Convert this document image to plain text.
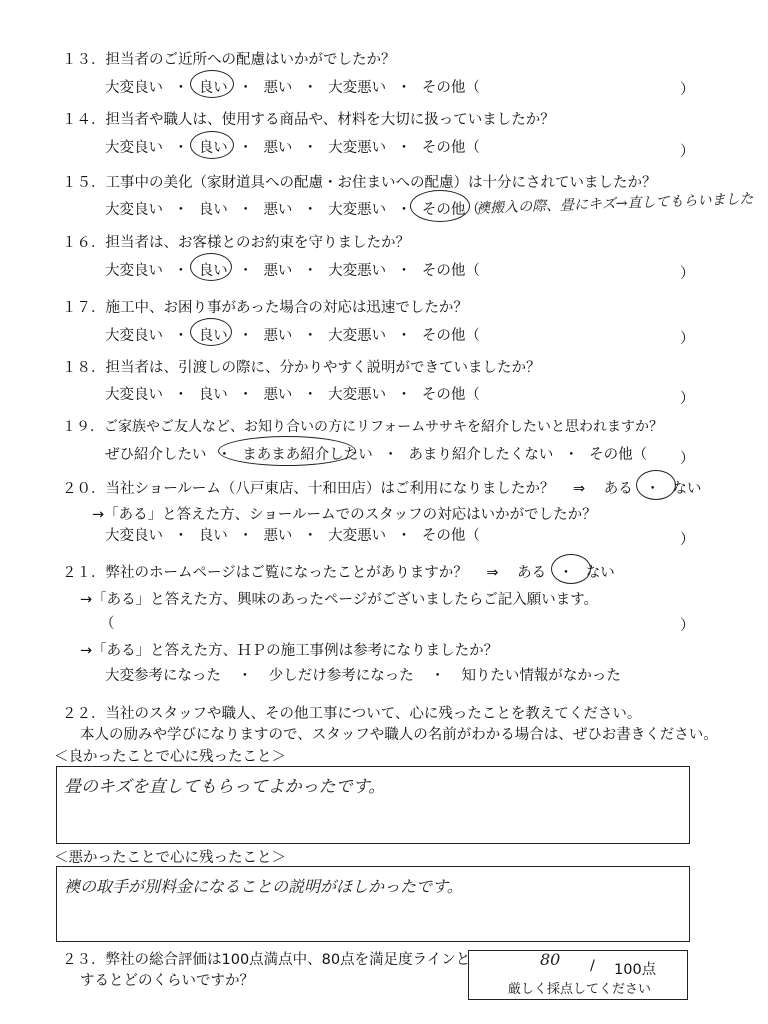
１３．担当者のご近所への配慮はいかがでしたか？
大変良い ・ 良い ・ 悪い ・ 大変悪い ・ その他（	）
１４．担当者や職人は、使用する商品や、材料を大切に扱っていましたか？
大変良い ・ 良い ・ 悪い ・ 大変悪い ・ その他（	）
１５．工事中の美化（家財道具への配慮・お住まいへの配慮）は十分にされていましたか？
大変良い ・ 良い ・ 悪い ・ 大変悪い ・ その他（
襖搬入の際、畳にキズ→直してもらいました
１６．担当者は、お客様とのお約束を守りましたか？
大変良い ・ 良い ・ 悪い ・ 大変悪い ・ その他（	）
１７．施工中、お困り事があった場合の対応は迅速でしたか？
大変良い ・ 良い ・ 悪い ・ 大変悪い ・ その他（	）
１８．担当者は、引渡しの際に、分かりやすく説明ができていましたか？
大変良い ・ 良い ・ 悪い ・ 大変悪い ・ その他（	）
１９．ご家族やご友人など、お知り合いの方にリフォームササキを紹介したいと思われますか？
ぜひ紹介したい ・ まあまあ紹介したい ・ あまり紹介したくない ・ その他（ ）
２０．当社ショールーム（八戸東店、十和田店）はご利用になりましたか？ ⇒ ある ・ ない
→「ある」と答えた方、ショールームでのスタッフの対応はいかがでしたか？
大変良い ・ 良い ・ 悪い ・ 大変悪い ・ その他（	）
２１．弊社のホームページはご覧になったことがありますか？ ⇒ ある ・ ない
→「ある」と答えた方、興味のあったページがございましたらご記入願います。
（	）
→「ある」と答えた方、ＨＰの施工事例は参考になりましたか？
大変参考になった ・ 少しだけ参考になった ・ 知りたい情報がなかった
２２．当社のスタッフや職人、その他工事について、心に残ったことを教えてください。
本人の励みや学びになりますので、スタッフや職人の名前がわかる場合は、ぜひお書きください。
＜良かったことで心に残ったこと＞
畳のキズを直してもらってよかったです。
＜悪かったことで心に残ったこと＞
襖の取手が別料金になることの説明がほしかったです。
２３．弊社の総合評価は100点満点中、80点を満足度ラインと
するとどのくらいですか？
80 / 100点
厳しく採点してください
